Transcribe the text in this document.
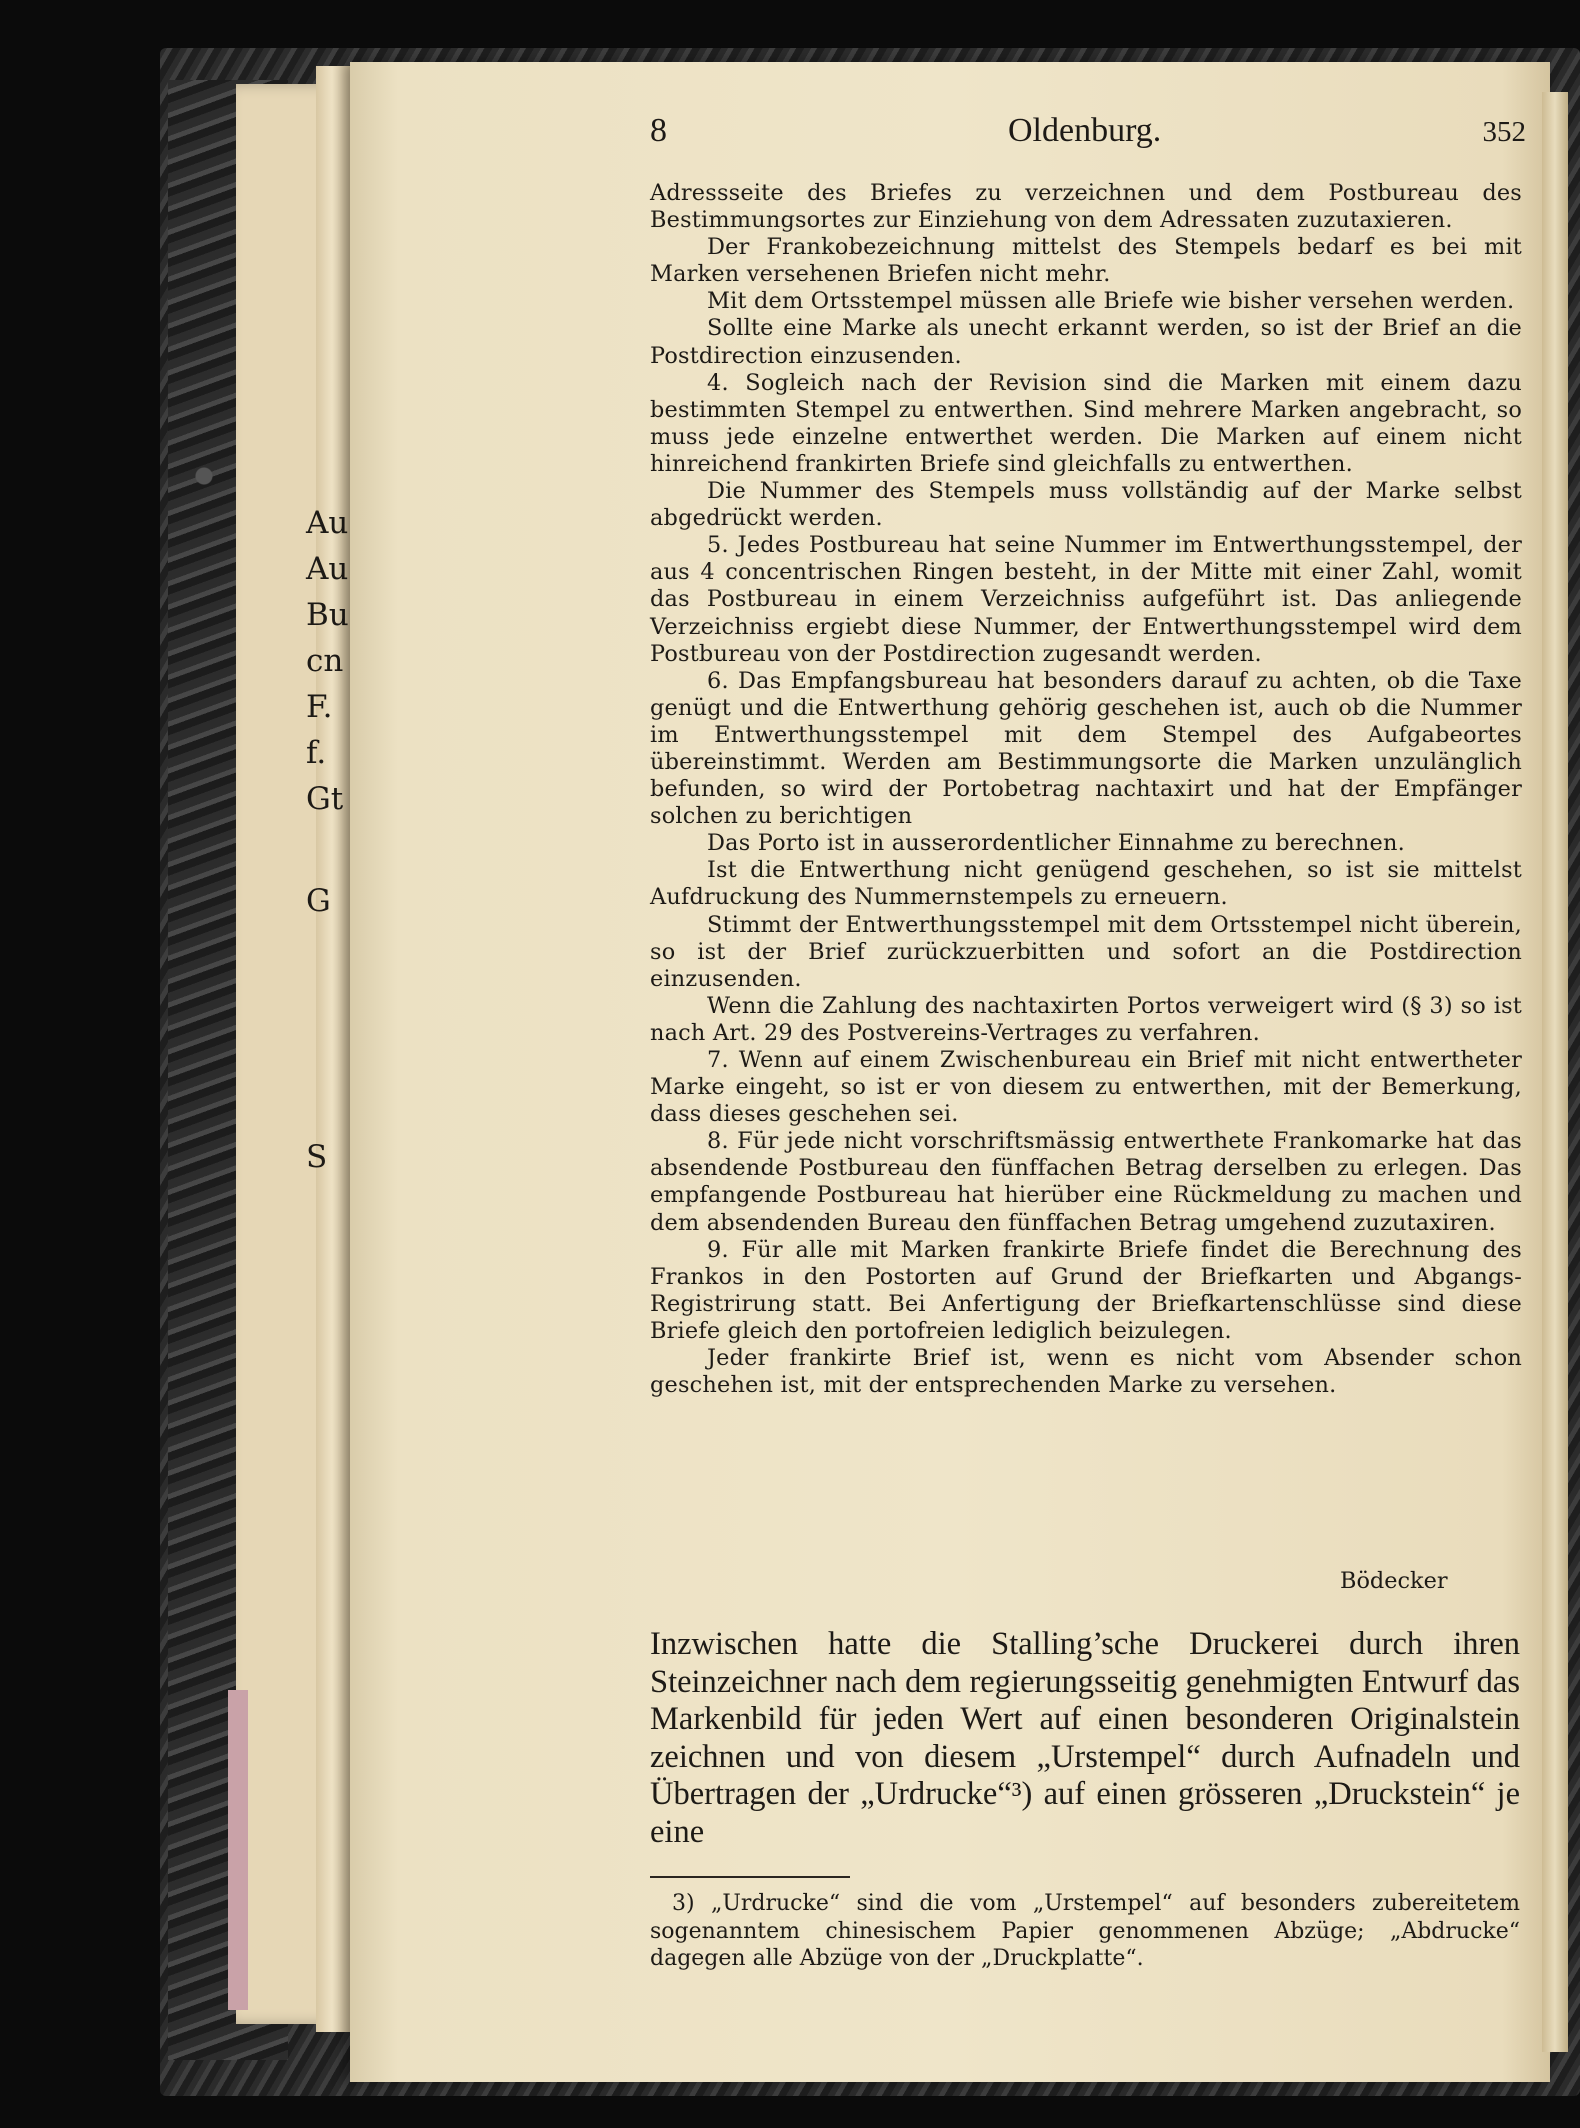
Au
Au
Bu
cn
F.
f.
Gt
G
S
8	Oldenburg.	352

Adressseite des Briefes zu verzeichnen und dem Postbureau des Bestimmungsortes zur Einziehung von dem Adressaten zuzutaxieren.

Der Frankobezeichnung mittelst des Stempels bedarf es bei mit Marken versehenen Briefen nicht mehr.

Mit dem Ortsstempel müssen alle Briefe wie bisher versehen werden.

Sollte eine Marke als unecht erkannt werden, so ist der Brief an die Postdirection einzusenden.

4. Sogleich nach der Revision sind die Marken mit einem dazu bestimmten Stempel zu entwerthen. Sind mehrere Marken angebracht, so muss jede einzelne entwerthet werden. Die Marken auf einem nicht hinreichend frankirten Briefe sind gleichfalls zu entwerthen.

Die Nummer des Stempels muss vollständig auf der Marke selbst abgedrückt werden.

5. Jedes Postbureau hat seine Nummer im Entwerthungsstempel, der aus 4 concentrischen Ringen besteht, in der Mitte mit einer Zahl, womit das Postbureau in einem Verzeichniss aufgeführt ist. Das anliegende Verzeichniss ergiebt diese Nummer, der Entwerthungsstempel wird dem Postbureau von der Postdirection zugesandt werden.

6. Das Empfangsbureau hat besonders darauf zu achten, ob die Taxe genügt und die Entwerthung gehörig geschehen ist, auch ob die Nummer im Entwerthungsstempel mit dem Stempel des Aufgabeortes übereinstimmt. Werden am Bestimmungsorte die Marken unzulänglich befunden, so wird der Portobetrag nachtaxirt und hat der Empfänger solchen zu berichtigen

Das Porto ist in ausserordentlicher Einnahme zu berechnen.

Ist die Entwerthung nicht genügend geschehen, so ist sie mittelst Aufdruckung des Nummernstempels zu erneuern.

Stimmt der Entwerthungsstempel mit dem Ortsstempel nicht überein, so ist der Brief zurückzuerbitten und sofort an die Postdirection einzusenden.

Wenn die Zahlung des nachtaxirten Portos verweigert wird (§ 3) so ist nach Art. 29 des Postvereins-Vertrages zu verfahren.

7. Wenn auf einem Zwischenbureau ein Brief mit nicht entwertheter Marke eingeht, so ist er von diesem zu entwerthen, mit der Bemerkung, dass dieses geschehen sei.

8. Für jede nicht vorschriftsmässig entwerthete Frankomarke hat das absendende Postbureau den fünffachen Betrag derselben zu erlegen. Das empfangende Postbureau hat hierüber eine Rückmeldung zu machen und dem absendenden Bureau den fünffachen Betrag umgehend zuzutaxiren.

9. Für alle mit Marken frankirte Briefe findet die Berechnung des Frankos in den Postorten auf Grund der Briefkarten und Abgangs-Registrirung statt. Bei Anfertigung der Briefkartenschlüsse sind diese Briefe gleich den portofreien lediglich beizulegen.

Jeder frankirte Brief ist, wenn es nicht vom Absender schon geschehen ist, mit der entsprechenden Marke zu versehen.

Bödecker

Inzwischen hatte die Stalling’sche Druckerei durch ihren Steinzeichner nach dem regierungsseitig genehmigten Entwurf das Markenbild für jeden Wert auf einen besonderen Originalstein zeichnen und von diesem „Urstempel“ durch Aufnadeln und Übertragen der „Urdrucke“³) auf einen grösseren „Druckstein“ je eine

3) „Urdrucke“ sind die vom „Urstempel“ auf besonders zubereitetem sogenanntem chinesischem Papier genommenen Abzüge; „Abdrucke“ dagegen alle Abzüge von der „Druckplatte“.
